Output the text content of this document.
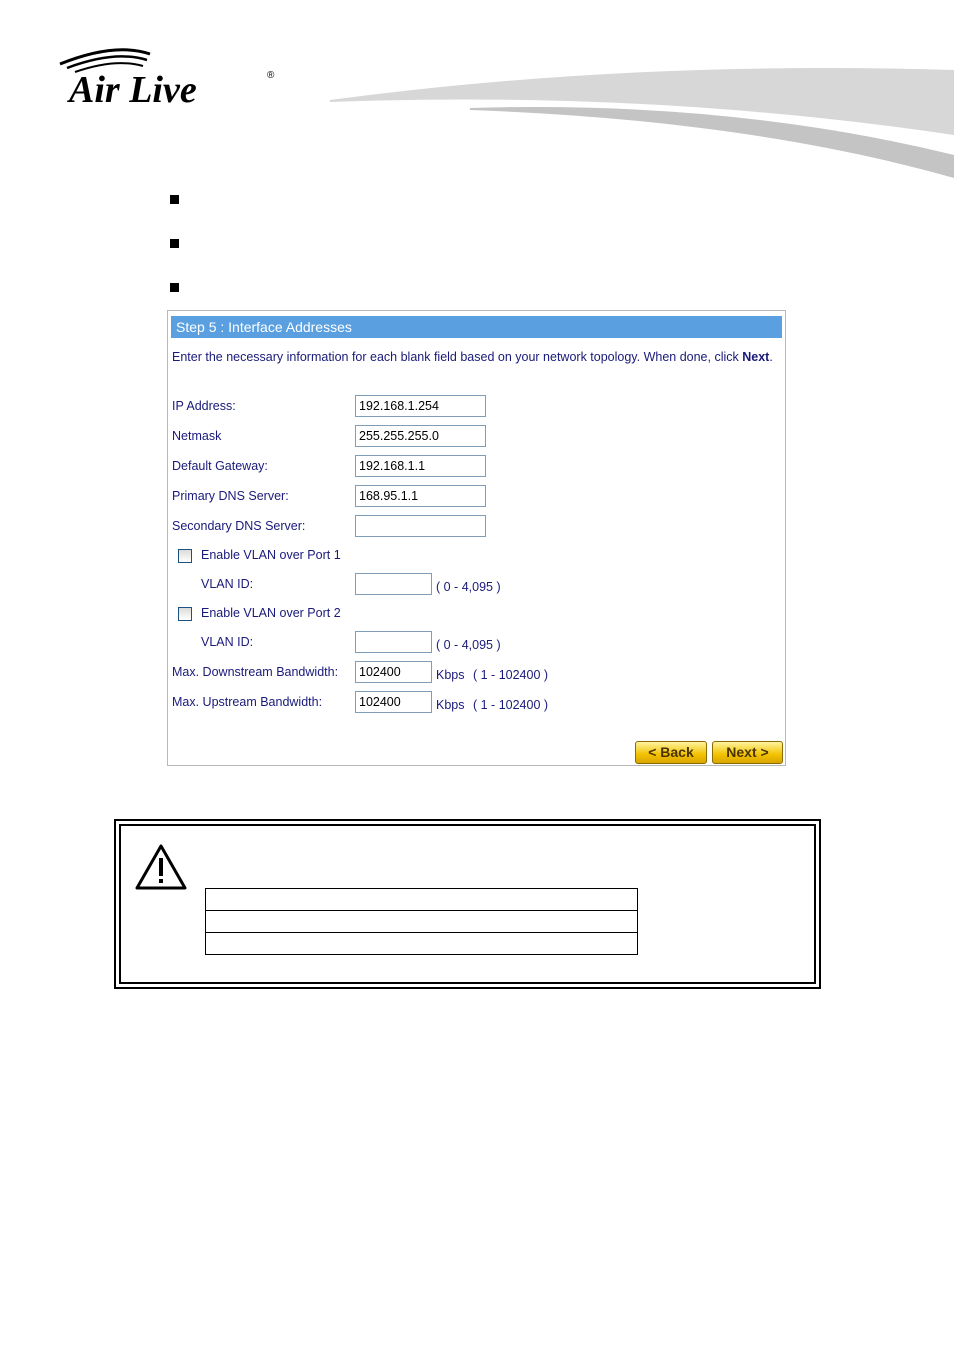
Air Live	®
Step 5 : Interface Addresses
Enter the necessary information for each blank field based on your network topology. When done, click Next.
IP Address:
192.168.1.254
Netmask
255.255.255.0
Default Gateway:
192.168.1.1
Primary DNS Server:
168.95.1.1
Secondary DNS Server:
Enable VLAN over Port 1
VLAN ID:	( 0 - 4,095 )
Enable VLAN over Port 2
VLAN ID:	( 0 - 4,095 )
Max. Downstream Bandwidth:
102400	Kbps ( 1 - 102400 )
Max. Upstream Bandwidth:
102400	Kbps ( 1 - 102400 )
< Back	Next >
